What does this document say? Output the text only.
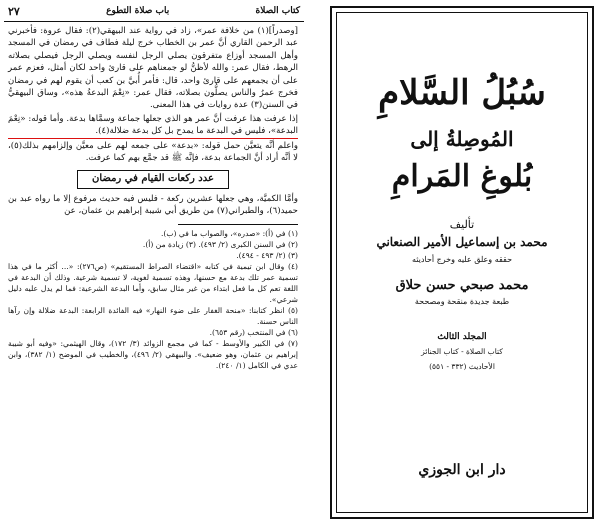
كتاب الصلاة
باب صلاة التطوع
٢٧

[وصدراً](١) من خلافة عمر»، زاد في رواية عند البيهقي(٢): فقال عروة: فأخبرني عبد الرحمن القاري أنَّ عمر بن الخطاب خرج ليلة فطاف في رمضان في المسجد وأهل المسجد أوزاع متفرقون يصلي الرجل لنفسه ويصلي الرجل فيصلي بصلاته الرهط، فقال عمر: والله لأظنُّ لو جمعناهم على قارئ واحد لكان أمثل، فعزم عمر على أن يجمعهم على قارئ واحد، قال: فأمر أُبيَّ بن كعب أن يقوم لهم في رمضان فخرج عمرُ والناس يصلُّون بصلاته، فقال عمر: «نِعْمَ البدعةُ هذه»، وساق البيهقيُّ في السنن(٣) عدة روايات في هذا المعنى.

إذا عرفت هذا عرفت أنَّ عمر هو الذي جعلها جماعة وسمَّاها بدعة. وأما قوله: «نِعْمَ البدعة»، فليس في البدعة ما يمدح بل كل بدعة ضلالة(٤).

واعلم أنَّه يتعيَّن حمل قوله: «بدعة» على جمعه لهم على معيَّن وإلزامهم بذلك(٥)، لا أنَّه أراد أنَّ الجماعة بدعة، فإنَّه ﷺ قد جمَّع بهم كما عرفت.

عدد ركعات القيام في رمضان

وأمَّا الكميَّة، وهي جعلها عشرين ركعة - فليس فيه حديث مرفوع إلا ما رواه عبد بن حميد(٦)، والطبراني(٧) من طريق أبي شيبة إبراهيم بن عثمان، عن

(١) في (أ): «صدره»، والصواب ما في (ب).

(٢) في السنن الكبرى (٢/ ٤٩٣). (٣) زيادة من (أ).

(٣) (٢/ ٤٩٣ - ٤٩٤).

(٤) وقال ابن تيمية في كتابه «اقتضاء الصراط المستقيم» (ص٢٧٦): «... أكثر ما في هذا تسمية عمر تلك بدعة مع حسنها، وهذه تسمية لغوية، لا تسمية شرعية. وذلك أن البدعة في اللغة تعم كل ما فعل ابتداء من غير مثال سابق، وأما البدعة الشرعية: فما لم يدل عليه دليل شرعي».

(٥) انظر كتابنا: «منحة الغفار على ضوء النهار» فيه الفائدة الرابعة: البدعة ضلالة وإن رآها الناس حسنة.

(٦) في المنتخب (رقم ٦٥٣).

(٧) في الكبير والأوسط - كما في مجمع الزوائد (٣/ ١٧٢)، وقال الهيثمي: «وفيه أبو شيبة إبراهيم بن عثمان، وهو ضعيف». والبيهقي (٢/ ٤٩٦)، والخطيب في الموضح (١/ ٣٨٢)، وابن عدي في الكامل (١/ ٢٤٠).

سُبُلُ السَّلامِ
المُوصِلةُ إلى
بُلوغِ المَرامِ
تأليف
محمد بن إسماعيل الأمير الصنعاني
حققه وعلق عليه وخرج أحاديثه
محمد صبحي حسن حلاق
طبعة جديدة منقحة ومصححة
المجلد الثالث
كتاب الصلاة - كتاب الجنائز
الأحاديث (٣٣٢ - ٥٥١)
دار ابن الجوزي
